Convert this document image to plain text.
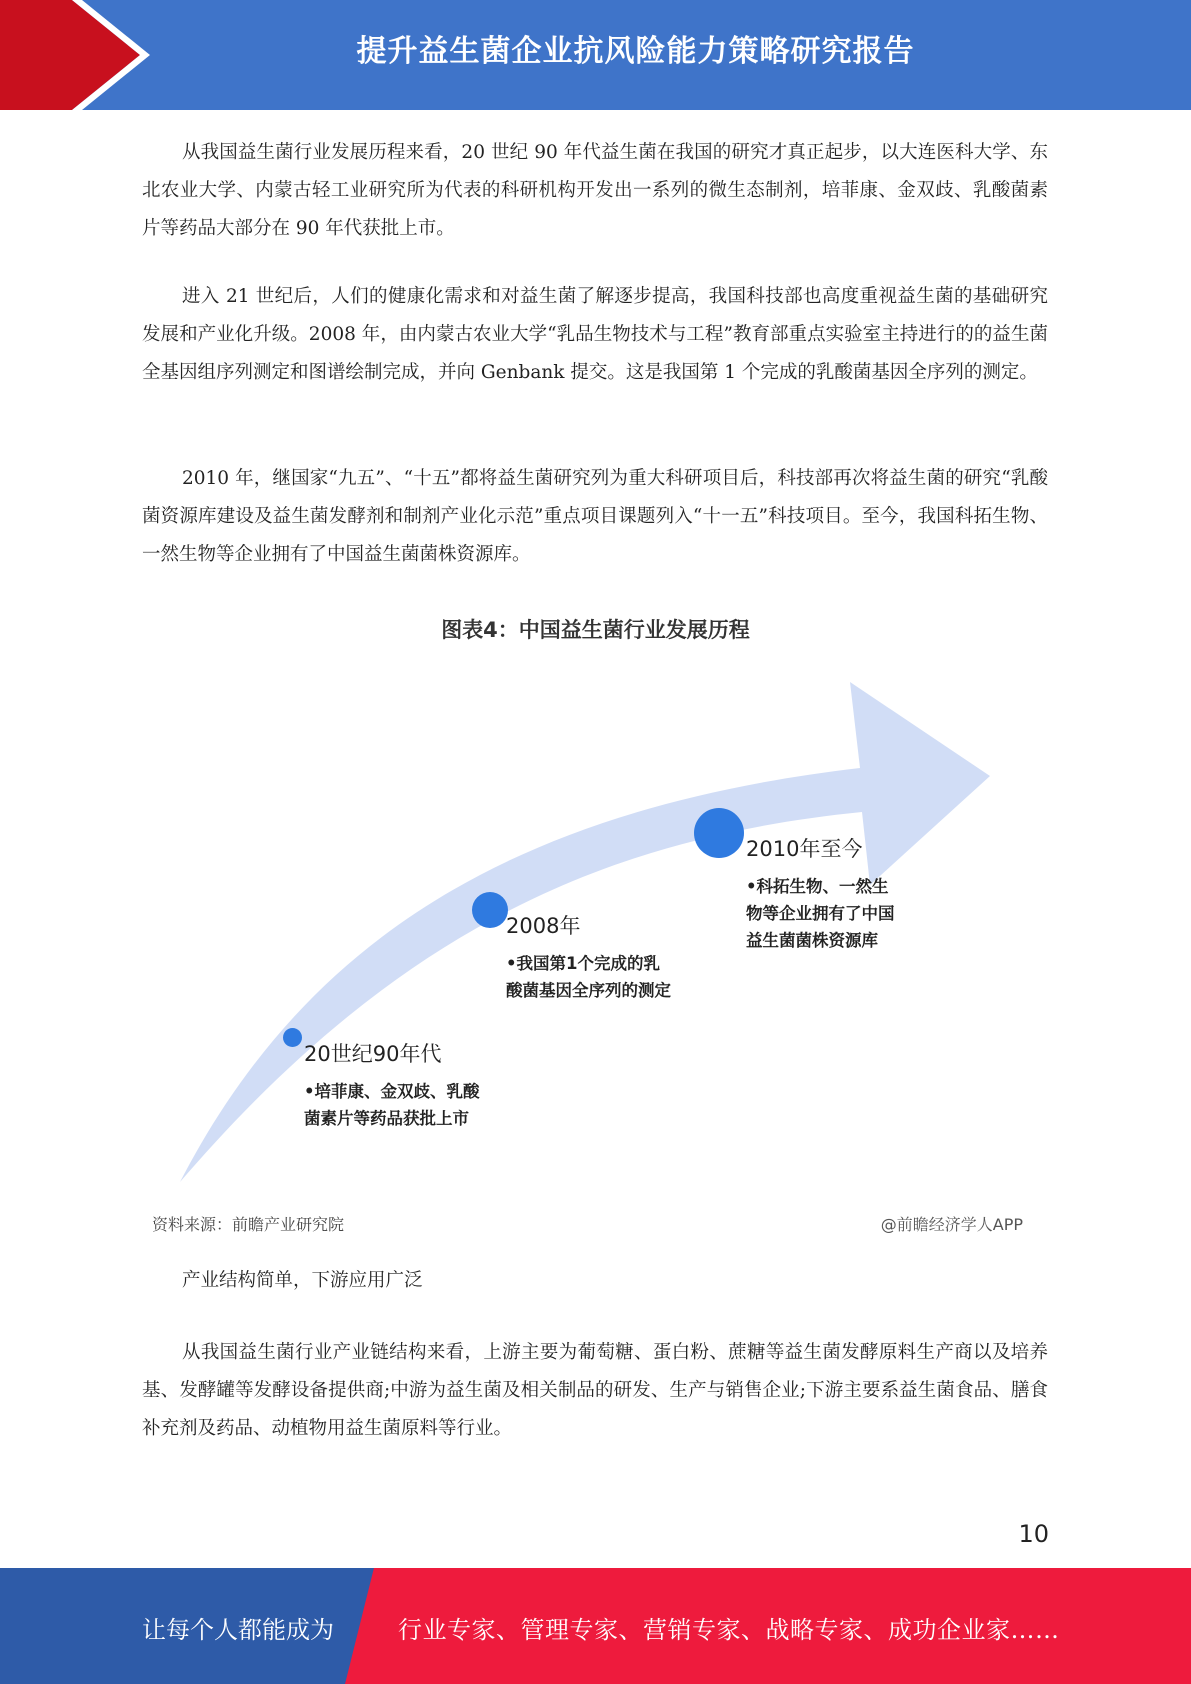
提升益生菌企业抗风险能力策略研究报告

从我国益生菌行业发展历程来看，20 世纪 90 年代益生菌在我国的研究才真正起步，以大连医科大学、东北农业大学、内蒙古轻工业研究所为代表的科研机构开发出一系列的微生态制剂，培菲康、金双歧、乳酸菌素片等药品大部分在 90 年代获批上市。

进入 21 世纪后，人们的健康化需求和对益生菌了解逐步提高，我国科技部也高度重视益生菌的基础研究发展和产业化升级。2008 年，由内蒙古农业大学“乳品生物技术与工程”教育部重点实验室主持进行的的益生菌全基因组序列测定和图谱绘制完成，并向 Genbank 提交。这是我国第 1 个完成的乳酸菌基因全序列的测定。

2010 年，继国家“九五”、“十五”都将益生菌研究列为重大科研项目后，科技部再次将益生菌的研究“乳酸菌资源库建设及益生菌发酵剂和制剂产业化示范”重点项目课题列入“十一五”科技项目。至今，我国科拓生物、一然生物等企业拥有了中国益生菌菌株资源库。

图表4：中国益生菌行业发展历程
20世纪90年代
•培菲康、金双歧、乳酸菌素片等药品获批上市
2008年
•我国第1个完成的乳酸菌基因全序列的测定
2010年至今
•科拓生物、一然生物等企业拥有了中国益生菌菌株资源库
资料来源：前瞻产业研究院	@前瞻经济学人APP

产业结构简单，下游应用广泛

从我国益生菌行业产业链结构来看，上游主要为葡萄糖、蛋白粉、蔗糖等益生菌发酵原料生产商以及培养基、发酵罐等发酵设备提供商;中游为益生菌及相关制品的研发、生产与销售企业;下游主要系益生菌食品、膳食补充剂及药品、动植物用益生菌原料等行业。

10
让每个人都能成为	行业专家、管理专家、营销专家、战略专家、成功企业家……
